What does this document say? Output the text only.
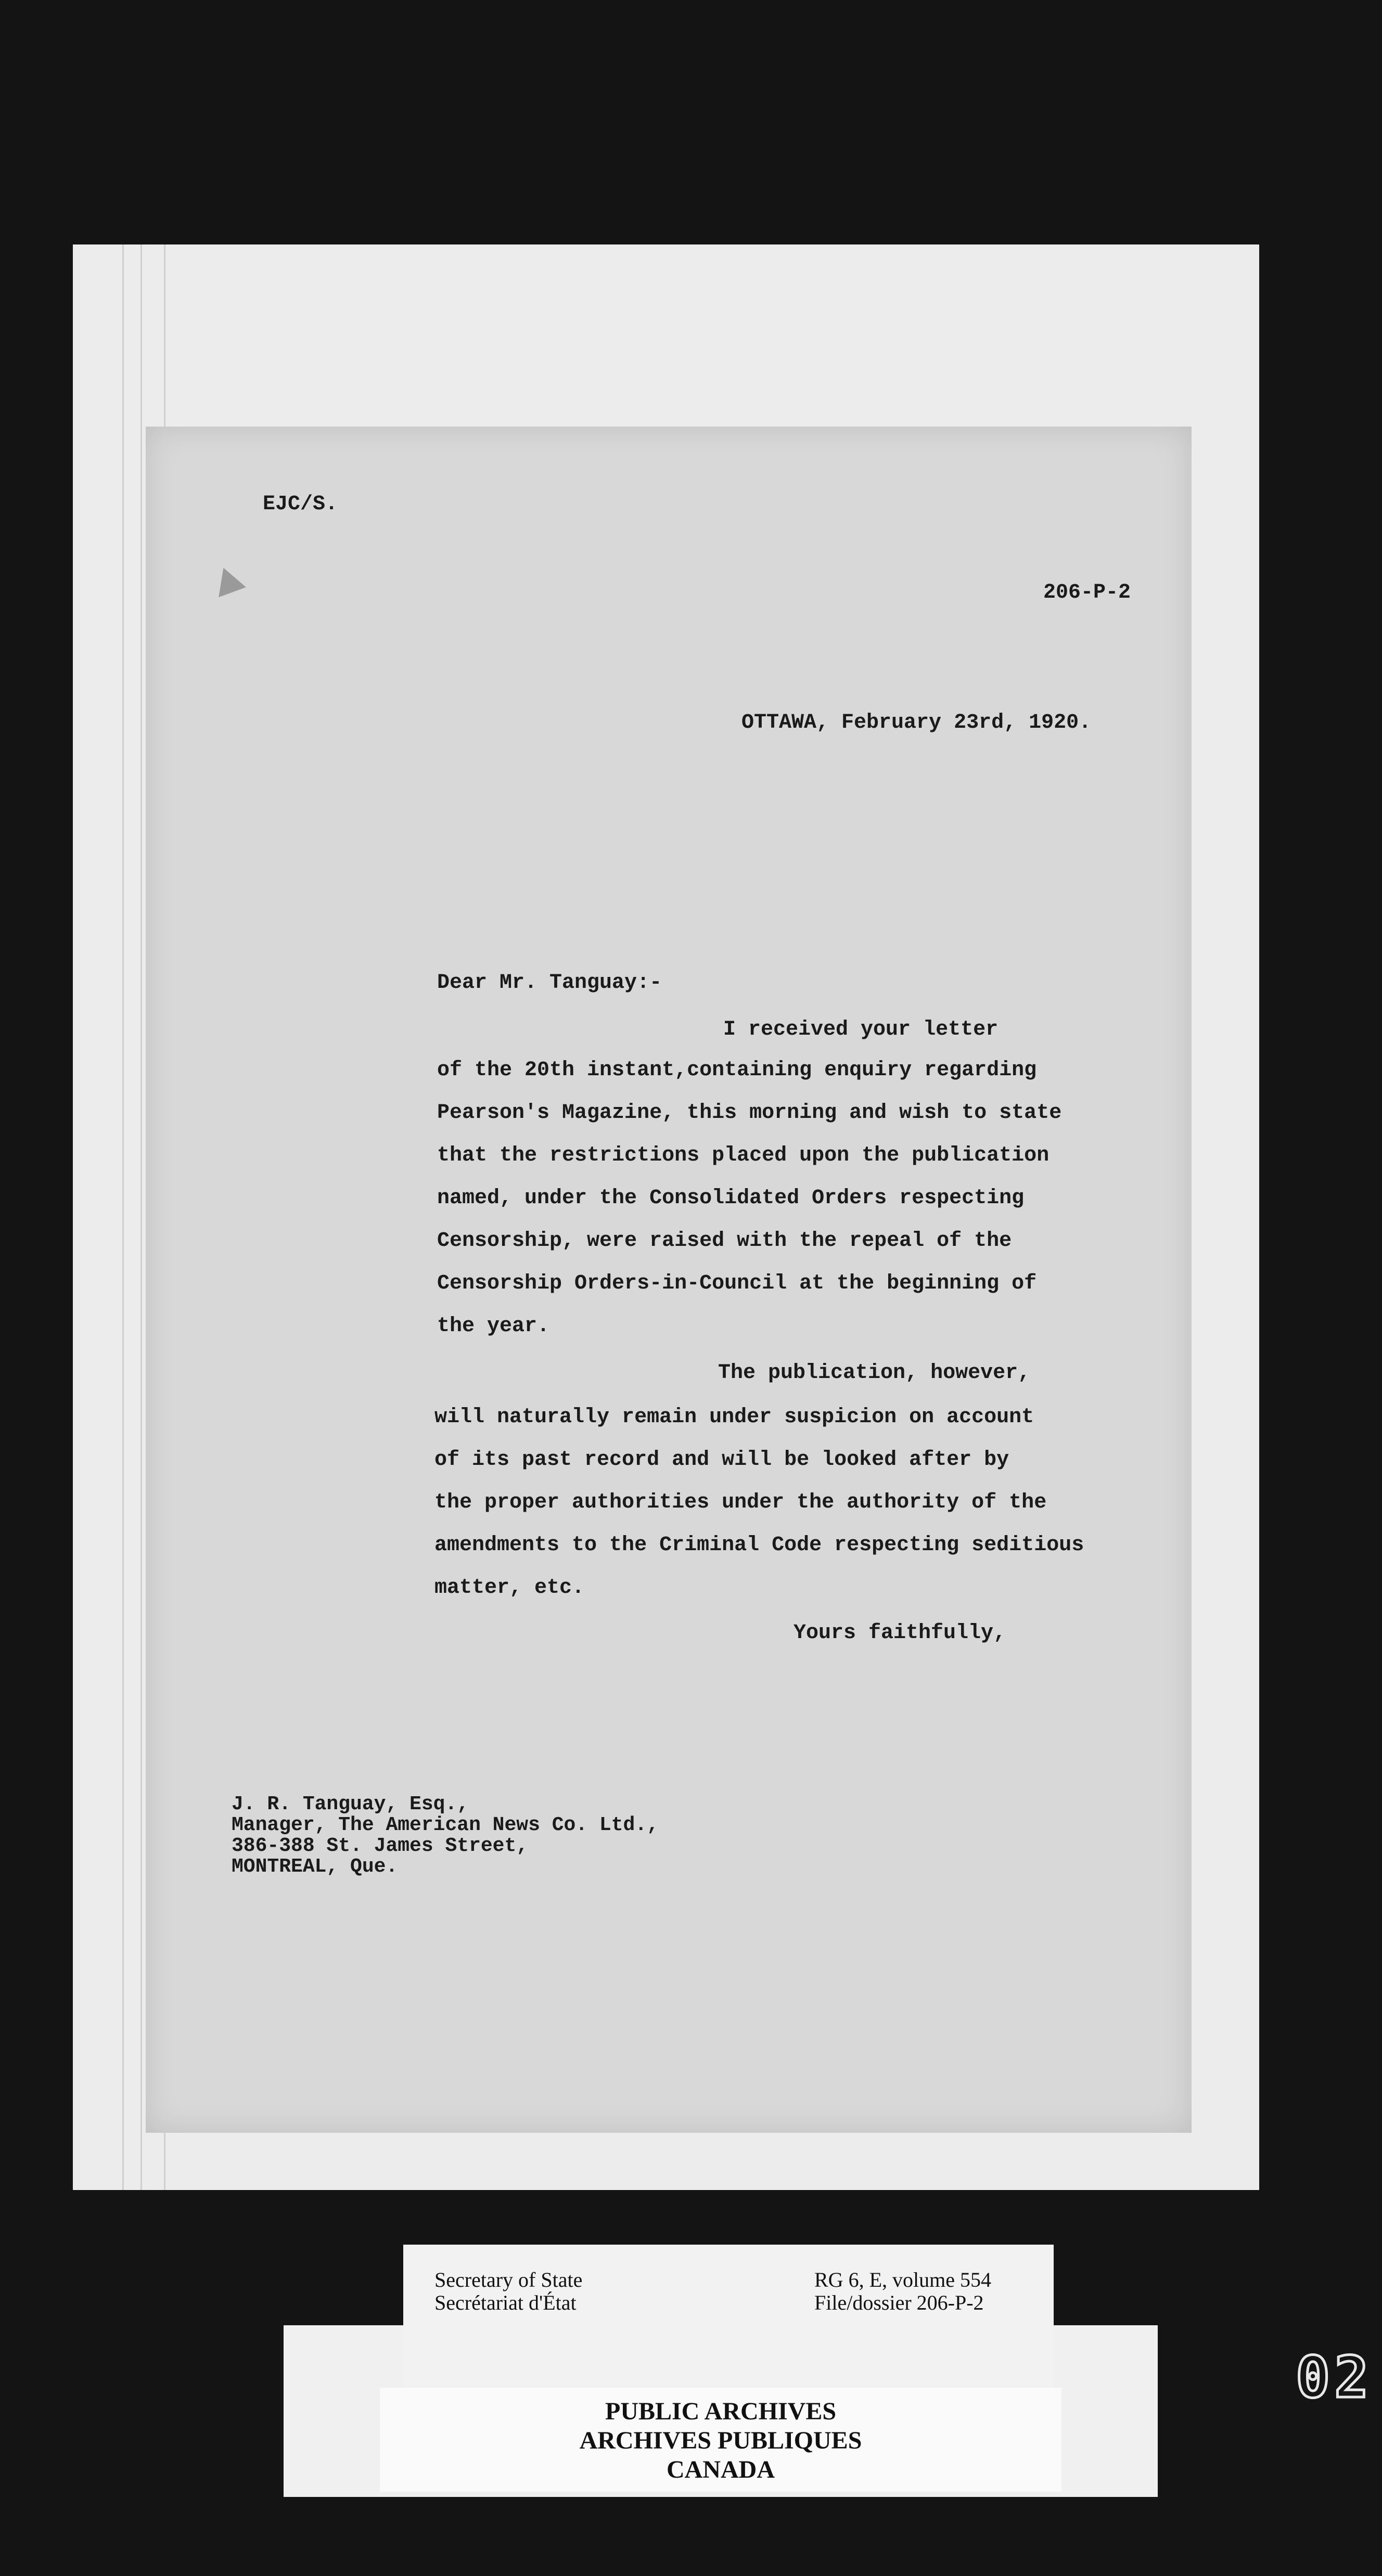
EJC/S.
206-P-2
OTTAWA, February 23rd, 1920.
Dear Mr. Tanguay:-
I received your letter
of the 20th instant,containing enquiry regarding
Pearson's Magazine, this morning and wish to state
that the restrictions placed upon the publication
named, under the Consolidated Orders respecting
Censorship, were raised with the repeal of the
Censorship Orders-in-Council at the beginning of
the year.
The publication, however,
will naturally remain under suspicion on account
of its past record and will be looked after by
the proper authorities under the authority of the
amendments to the Criminal Code respecting seditious
matter, etc.
Yours faithfully,
J. R. Tanguay, Esq.,
Manager, The American News Co. Ltd.,
386-388 St. James Street,
MONTREAL, Que.
PUBLIC ARCHIVES
ARCHIVES PUBLIQUES
CANADA
Secretary of State
Secrétariat d'État
RG 6, E, volume 554
File/dossier 206-P-2
02
